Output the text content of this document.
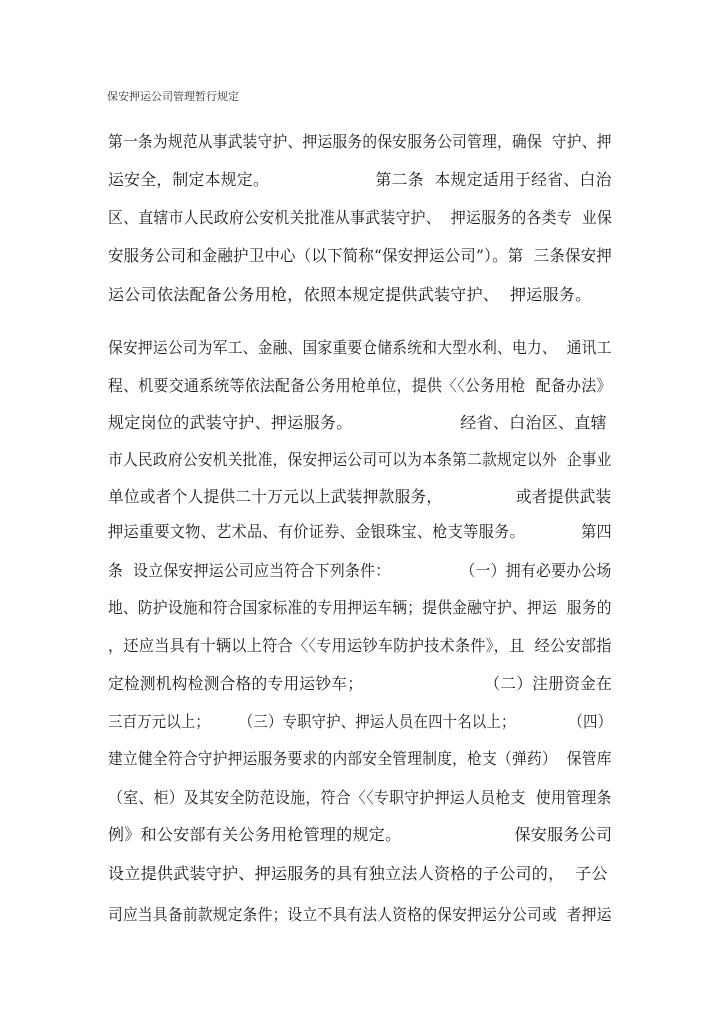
保安押运公司管理暂行规定
第一条为规范从事武装守护、押运服务的保安服务公司管理，确保  守护、押
运安全，制定本规定。                    第二条  本规定适用于经省、白治
区、直辖市人民政府公安机关批准从事武装守护、  押运服务的各类专  业保
安服务公司和金融护卫中心（以下简称“保安押运公司”）。第  三条保安押
运公司依法配备公务用枪，依照本规定提供武装守护、  押运服务。
保安押运公司为军工、金融、国家重要仓储系统和大型水利、电力、  通讯工
程、机要交通系统等依法配备公务用枪单位，提供〈〈公务用枪  配备办法》
规定岗位的武装守护、押运服务。                    经省、白治区、直辖
市人民政府公安机关批准，保安押运公司可以为本条第二款规定以外  企事业
单位或者个人提供二十万元以上武装押款服务，              或者提供武装
押运重要文物、艺术品、有价证券、金银珠宝、枪支等服务。           第四
条  设立保安押运公司应当符合下列条件：              （一）拥有必要办公场
地、防护设施和符合国家标准的专用押运车辆；提供金融守护、押运  服务的
，还应当具有十辆以上符合〈〈专用运钞车防护技术条件》，且  经公安部指
定检测机构检测合格的专用运钞车；                       （二）注册资金在
三百万元以上；      （三）专职守护、押运人员在四十名以上；           （四）
建立健全符合守护押运服务要求的内部安全管理制度，枪支（弹药）  保管库
（室、柜）及其安全防范设施，符合〈〈专职守护押运人员枪支  使用管理条
例》和公安部有关公务用枪管理的规定。                     保安服务公司
设立提供武装守护、押运服务的具有独立法人资格的子公司的，  子公
司应当具备前款规定条件；设立不具有法人资格的保安押运分公司或  者押运
